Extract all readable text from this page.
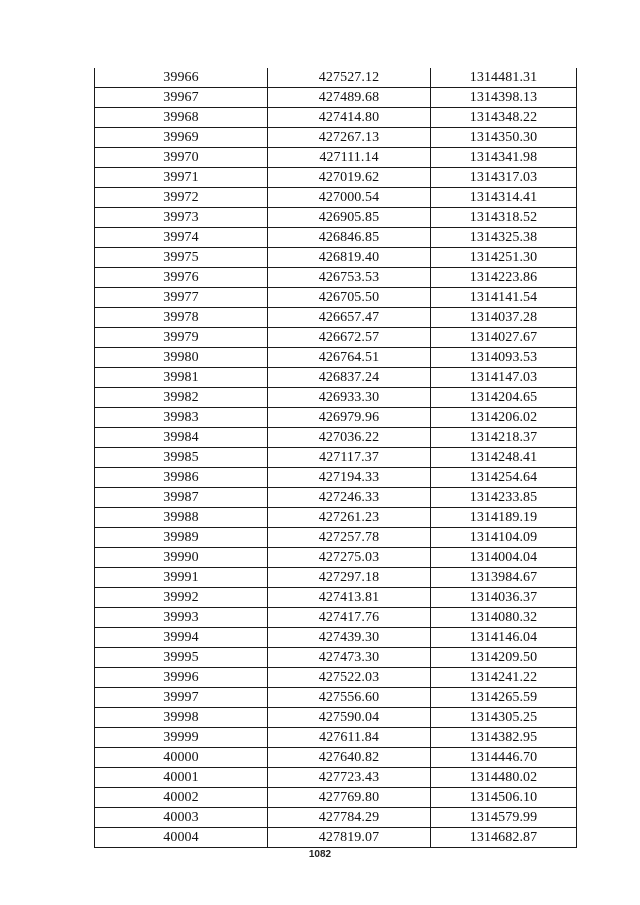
39966	427527.12	1314481.31
39967	427489.68	1314398.13
39968	427414.80	1314348.22
39969	427267.13	1314350.30
39970	427111.14	1314341.98
39971	427019.62	1314317.03
39972	427000.54	1314314.41
39973	426905.85	1314318.52
39974	426846.85	1314325.38
39975	426819.40	1314251.30
39976	426753.53	1314223.86
39977	426705.50	1314141.54
39978	426657.47	1314037.28
39979	426672.57	1314027.67
39980	426764.51	1314093.53
39981	426837.24	1314147.03
39982	426933.30	1314204.65
39983	426979.96	1314206.02
39984	427036.22	1314218.37
39985	427117.37	1314248.41
39986	427194.33	1314254.64
39987	427246.33	1314233.85
39988	427261.23	1314189.19
39989	427257.78	1314104.09
39990	427275.03	1314004.04
39991	427297.18	1313984.67
39992	427413.81	1314036.37
39993	427417.76	1314080.32
39994	427439.30	1314146.04
39995	427473.30	1314209.50
39996	427522.03	1314241.22
39997	427556.60	1314265.59
39998	427590.04	1314305.25
39999	427611.84	1314382.95
40000	427640.82	1314446.70
40001	427723.43	1314480.02
40002	427769.80	1314506.10
40003	427784.29	1314579.99
40004	427819.07	1314682.87
1082
